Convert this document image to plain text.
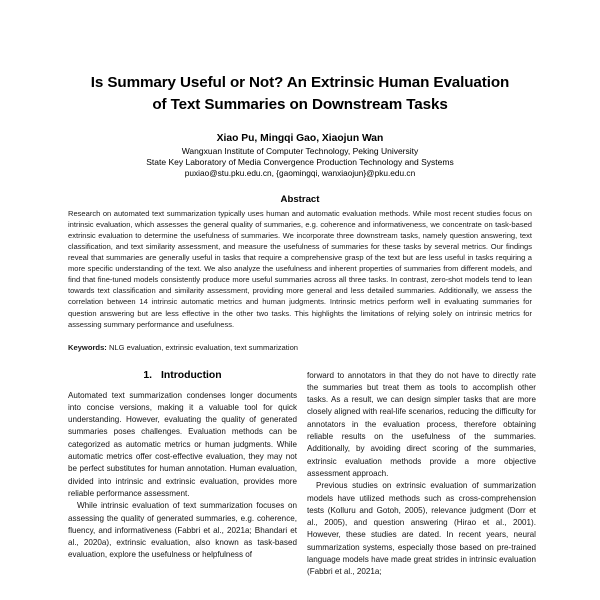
Is Summary Useful or Not? An Extrinsic Human Evaluation
of Text Summaries on Downstream Tasks

Xiao Pu, Mingqi Gao, Xiaojun Wan

Wangxuan Institute of Computer Technology, Peking University

State Key Laboratory of Media Convergence Production Technology and Systems

puxiao@stu.pku.edu.cn, {gaomingqi, wanxiaojun}@pku.edu.cn

Abstract

Research on automated text summarization typically uses human and automatic evaluation methods. While most recent studies focus on intrinsic evaluation, which assesses the general quality of summaries, e.g. coherence and informativeness, we concentrate on task-based extrinsic evaluation to determine the usefulness of summaries. We incorporate three downstream tasks, namely question answering, text classification, and text similarity assessment, and measure the usefulness of summaries for these tasks by several metrics. Our findings reveal that summaries are generally useful in tasks that require a comprehensive grasp of the text but are less useful in tasks requiring a more specific understanding of the text. We also analyze the usefulness and inherent properties of summaries from different models, and find that fine-tuned models consistently produce more useful summaries across all three tasks. In contrast, zero-shot models tend to lean towards text classification and similarity assessment, providing more general and less detailed summaries. Additionally, we assess the correlation between 14 intrinsic automatic metrics and human judgments. Intrinsic metrics perform well in evaluating summaries for question answering but are less effective in the other two tasks. This highlights the limitations of relying solely on intrinsic metrics for assessing summary performance and usefulness.

Keywords: NLG evaluation, extrinsic evaluation, text summarization

1. Introduction

Automated text summarization condenses longer documents into concise versions, making it a valuable tool for quick understanding. However, evaluating the quality of generated summaries poses challenges. Evaluation methods can be categorized as automatic metrics or human judgments. While automatic metrics offer cost-effective evaluation, they may not be perfect substitutes for human annotation. Human evaluation, divided into intrinsic and extrinsic evaluation, provides more reliable performance assessment.

While intrinsic evaluation of text summarization focuses on assessing the quality of generated summaries, e.g. coherence, fluency, and informativeness (Fabbri et al., 2021a; Bhandari et al., 2020a), extrinsic evaluation, also known as task-based evaluation, explore the usefulness or helpfulness of

forward to annotators in that they do not have to directly rate the summaries but treat them as tools to accomplish other tasks. As a result, we can design simpler tasks that are more closely aligned with real-life scenarios, reducing the difficulty for annotators in the evaluation process, therefore obtaining reliable results on the usefulness of the summaries. Additionally, by avoiding direct scoring of the summaries, extrinsic evaluation methods provide a more objective assessment approach.

Previous studies on extrinsic evaluation of summarization models have utilized methods such as cross-comprehension tests (Kolluru and Gotoh, 2005), relevance judgment (Dorr et al., 2005), and question answering (Hirao et al., 2001). However, these studies are dated. In recent years, neural summarization systems, especially those based on pre-trained language models have made great strides in intrinsic evaluation (Fabbri et al., 2021a;
